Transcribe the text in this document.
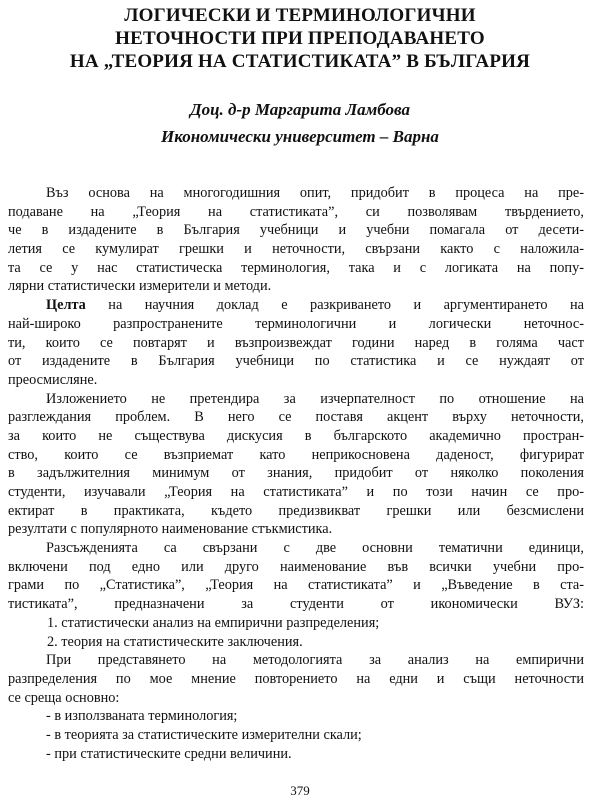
ЛОГИЧЕСКИ И ТЕРМИНОЛОГИЧНИ
НЕТОЧНОСТИ ПРИ ПРЕПОДАВАНЕТО
НА „ТЕОРИЯ НА СТАТИСТИКАТА” В БЪЛГАРИЯ
Доц. д-р Маргарита Ламбова
Икономически университет – Варна
Въз основа на многогодишния опит, придобит в процеса на пре-
подаване на „Теория на статистиката”, си позволявам твърдението,
че в издадените в България учебници и учебни помагала от десети-
летия се кумулират грешки и неточности, свързани както с наложила-
та се у нас статистическа терминология, така и с логиката на попу-
лярни статистически измерители и методи.
Целта на научния доклад е разкриването и аргументирането на
най-широко разпространените терминологични и логически неточнос-
ти, които се повтарят и възпроизвеждат години наред в голяма част
от издадените в България учебници по статистика и се нуждаят от
преосмисляне.
Изложението не претендира за изчерпателност по отношение на
разглеждания проблем. В него се поставя акцент върху неточности,
за които не съществува дискусия в българското академично простран-
ство, които се възприемат като неприкосновена даденост, фигурират
в задължителния минимум от знания, придобит от няколко поколения
студенти, изучавали „Теория на статистиката” и по този начин се про-
ектират в практиката, където предизвикват грешки или безсмислени
резултати с популярното наименование стъкмистика.
Разсъжденията са свързани с две основни тематични единици,
включени под едно или друго наименование във всички учебни про-
грами по „Статистика”, „Теория на статистиката” и „Въведение в ста-
тистиката”, предназначени за студенти от икономически ВУЗ:
1. статистически анализ на емпирични разпределения;
2. теория на статистическите заключения.
При представянето на методологията за анализ на емпирични
разпределения по мое мнение повторението на едни и същи неточности
се среща основно:
- в използваната терминология;
- в теорията за статистическите измерителни скали;
- при статистическите средни величини.
379
